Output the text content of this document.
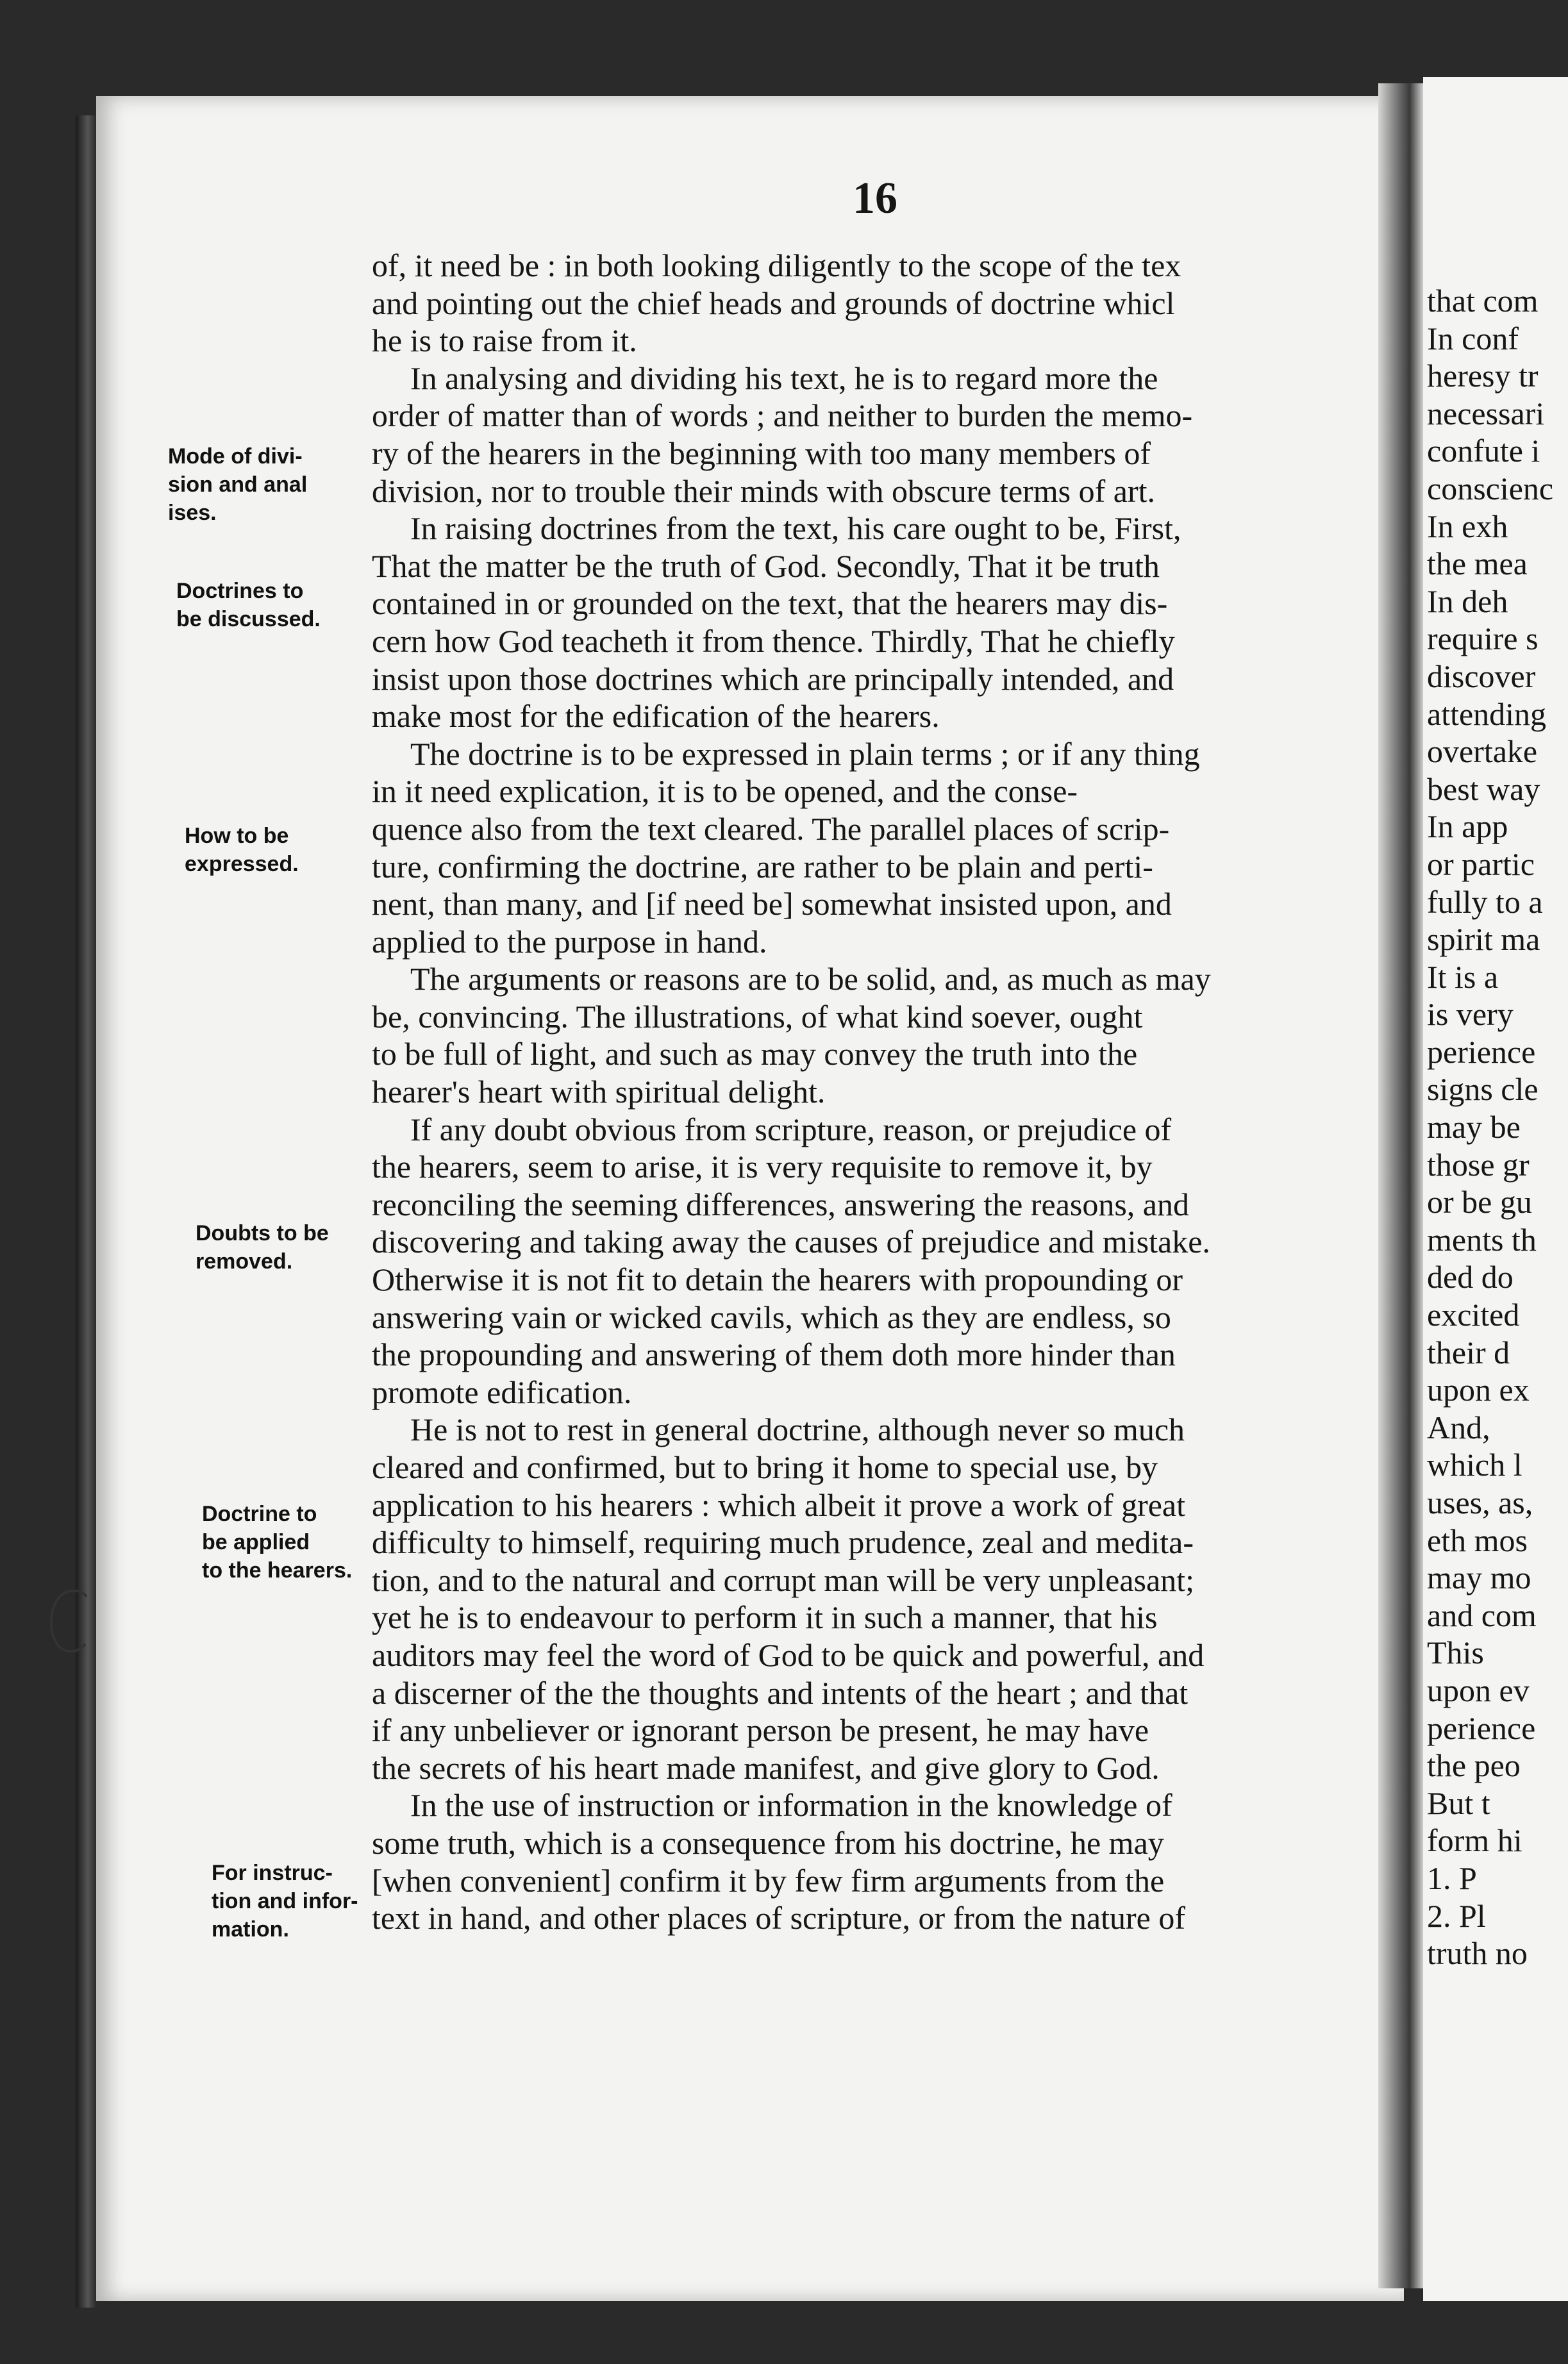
16
of, it need be : in both looking diligently to the scope of the tex
and pointing out the chief heads and grounds of doctrine whicl
he is to raise from it.
In analysing and dividing his text, he is to regard more the
order of matter than of words ; and neither to burden the memo-
ry of the hearers in the beginning with too many members of
division, nor to trouble their minds with obscure terms of art.
In raising doctrines from the text, his care ought to be, First,
That the matter be the truth of God. Secondly, That it be truth
contained in or grounded on the text, that the hearers may dis-
cern how God teacheth it from thence. Thirdly, That he chiefly
insist upon those doctrines which are principally intended, and
make most for the edification of the hearers.
The doctrine is to be expressed in plain terms ; or if any thing
in it need explication, it is to be opened, and the conse-
quence also from the text cleared. The parallel places of scrip-
ture, confirming the doctrine, are rather to be plain and perti-
nent, than many, and [if need be] somewhat insisted upon, and
applied to the purpose in hand.
The arguments or reasons are to be solid, and, as much as may
be, convincing. The illustrations, of what kind soever, ought
to be full of light, and such as may convey the truth into the
hearer's heart with spiritual delight.
If any doubt obvious from scripture, reason, or prejudice of
the hearers, seem to arise, it is very requisite to remove it, by
reconciling the seeming differences, answering the reasons, and
discovering and taking away the causes of prejudice and mistake.
Otherwise it is not fit to detain the hearers with propounding or
answering vain or wicked cavils, which as they are endless, so
the propounding and answering of them doth more hinder than
promote edification.
He is not to rest in general doctrine, although never so much
cleared and confirmed, but to bring it home to special use, by
application to his hearers : which albeit it prove a work of great
difficulty to himself, requiring much prudence, zeal and medita-
tion, and to the natural and corrupt man will be very unpleasant;
yet he is to endeavour to perform it in such a manner, that his
auditors may feel the word of God to be quick and powerful, and
a discerner of the the thoughts and intents of the heart ; and that
if any unbeliever or ignorant person be present, he may have
the secrets of his heart made manifest, and give glory to God.
In the use of instruction or information in the knowledge of
some truth, which is a consequence from his doctrine, he may
[when convenient] confirm it by few firm arguments from the
text in hand, and other places of scripture, or from the nature of
Mode of divi-
sion and anal
ises.
Doctrines to
be discussed.
How to be
expressed.
Doubts to be
removed.
Doctrine to
be applied
to the hearers.
For instruc-
tion and infor-
mation.
that com
In conf
heresy tr
necessari
confute i
conscienc
In exh
the mea
In deh
require s
discover
attending
overtake
best way
In app
or partic
fully to a
spirit ma
It is a
is very
perience
signs cle
may be
those gr
or be gu
ments th
ded do
excited
their d
upon ex
And,
which l
uses, as,
eth mos
may mo
and com
This
upon ev
perience
the peo
But t
form hi
1. P
2. Pl
truth no
